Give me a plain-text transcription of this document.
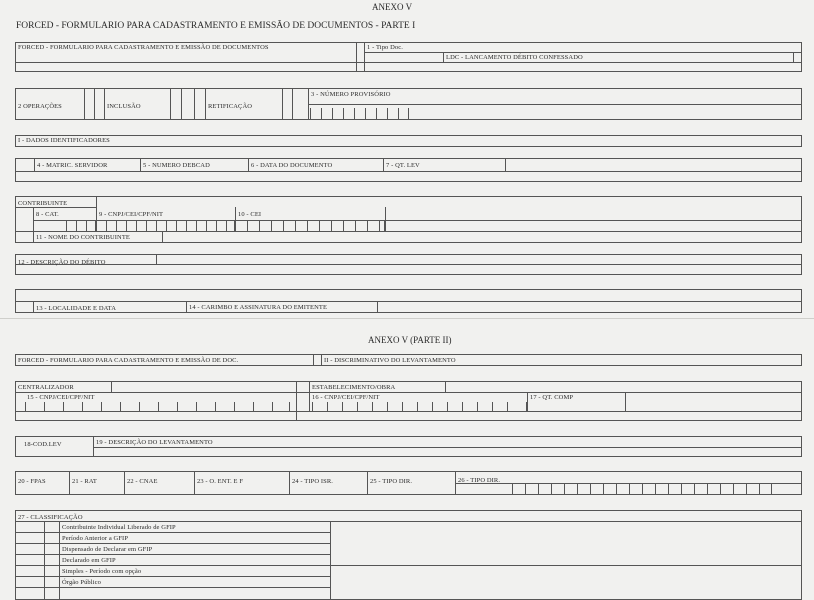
ANEXO V
FORCED - FORMULARIO PARA CADASTRAMENTO E EMISSÃO DE DOCUMENTOS - PARTE I
FORCED - FORMULARIO PARA CADASTRAMENTO E EMISSÃO DE DOCUMENTOS	1 - Tipo Doc.
LDC - LANCAMENTO DÉBITO CONFESSADO
2 OPERAÇÕES	INCLUSÃO	RETIFICAÇÃO
3 - NÚMERO PROVISÓRIO
I - DADOS IDENTIFICADORES
4 - MATRIC. SERVIDOR	5 - NUMERO DEBCAD	6 - DATA DO DOCUMENTO	7 - QT. LEV
CONTRIBUINTE
8 - CAT.	9 - CNPJ/CEI/CPF/NIT	10 - CEI
11 - NOME DO CONTRIBUINTE
12 - DESCRIÇÃO DO DÉBITO
13 - LOCALIDADE E DATA	14 - CARIMBO E ASSINATURA DO EMITENTE
ANEXO V (PARTE II)
FORCED - FORMULARIO PARA CADASTRAMENTO E EMISSÃO DE DOC.	II - DISCRIMINATIVO DO LEVANTAMENTO
CENTRALIZADOR	ESTABELECIMENTO/OBRA
15 - CNPJ/CEI/CPF/NIT	16 - CNPJ/CEI/CPF/NIT	17 - QT. COMP
18-COD.LEV	19 - DESCRIÇÃO DO LEVANTAMENTO
20 - FPAS	21 - RAT	22 - CNAE	23 - O. ENT. E F	24 - TIPO ISR.	25 - TIPO DIR.	26 - TIPO DIR.
27 - CLASSIFICAÇÃO
Contribuinte Individual Liberado de GFIP
Período Anterior a GFIP
Dispensado de Declarar em GFIP
Declarado em GFIP
Simples - Período com opção
Órgão Público
